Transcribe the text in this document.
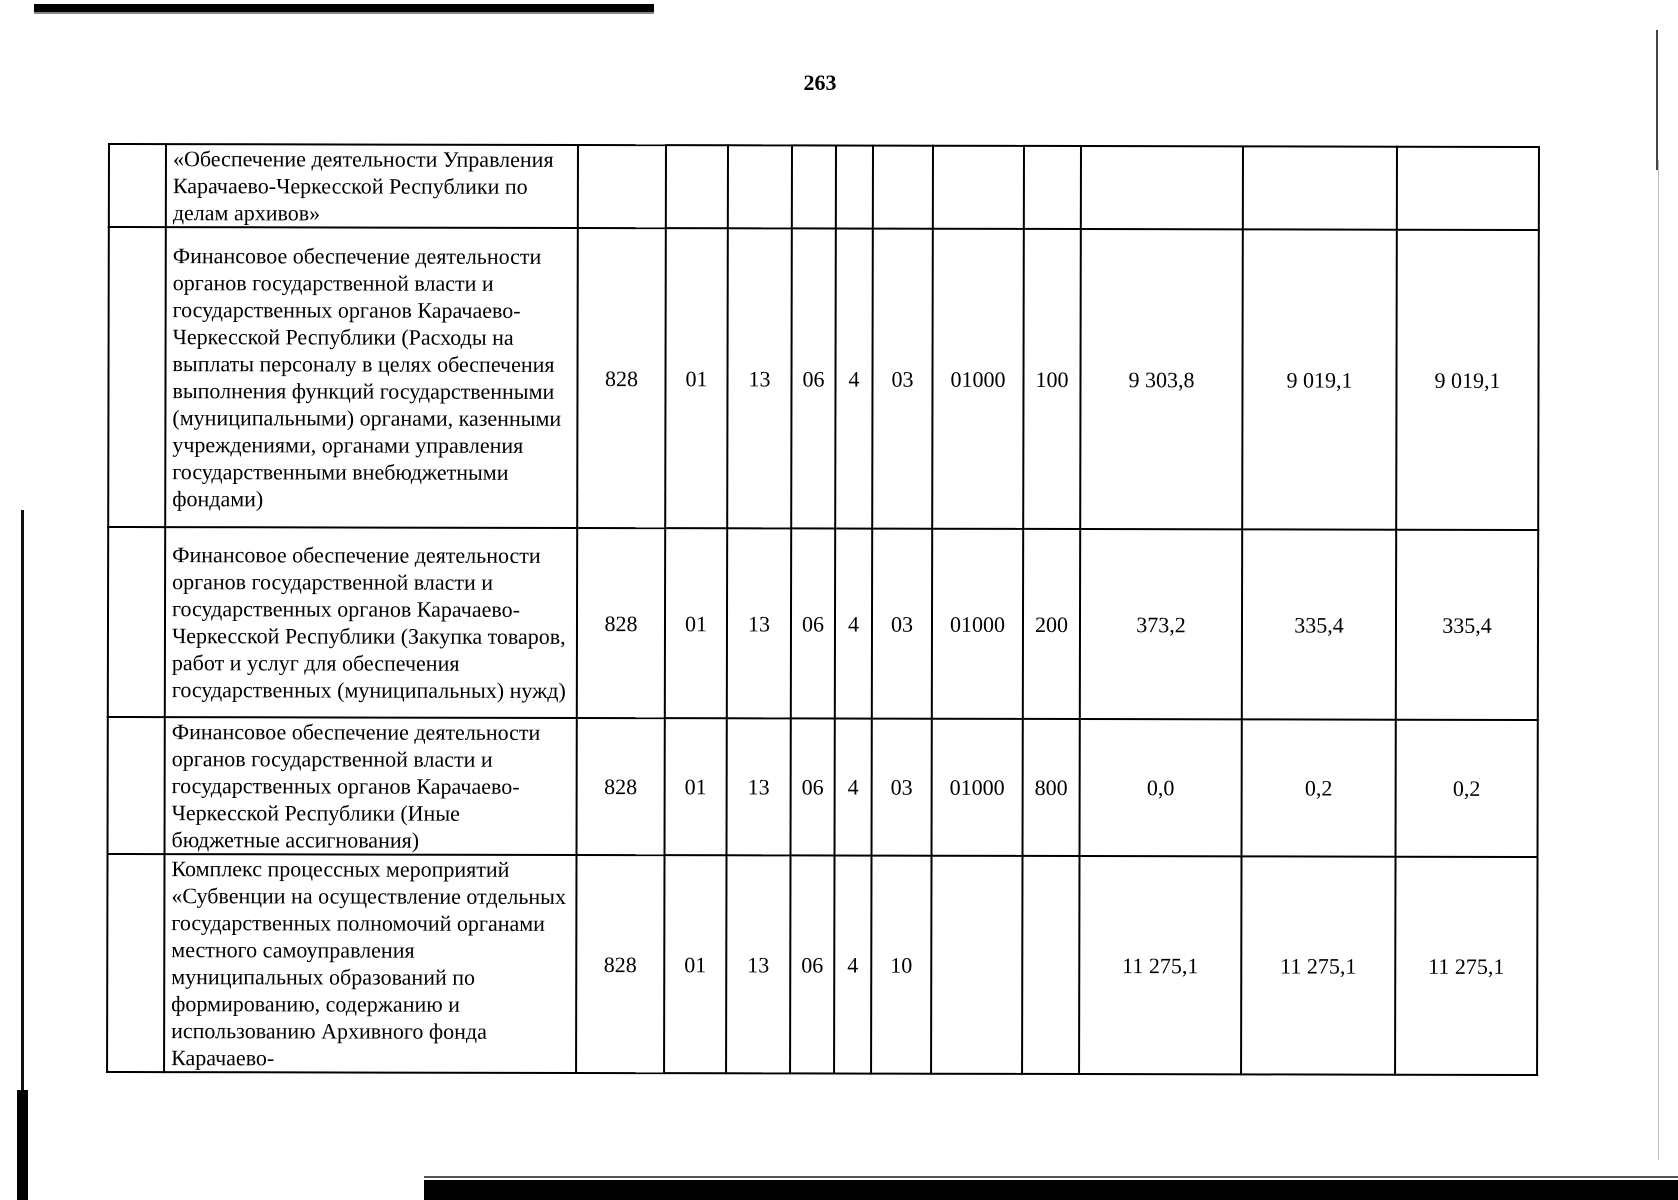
263
	«Обеспечение деятельности Управления Карачаево-Черкесской Республики по делам архивов»											
	Финансовое обеспечение деятельности органов государственной власти и государственных органов Карачаево-Черкесской Республики (Расходы на выплаты персоналу в целях обеспечения выполнения функций государственными (муниципальными) органами, казенными учреждениями, органами управления государственными внебюджетными фондами)	828	01	13	06	4	03	01000	100	9 303,8	9 019,1	9 019,1
	Финансовое обеспечение деятельности органов государственной власти и государственных органов Карачаево-Черкесской Республики (Закупка товаров, работ и услуг для обеспечения государственных (муниципальных) нужд)	828	01	13	06	4	03	01000	200	373,2	335,4	335,4
	Финансовое обеспечение деятельности органов государственной власти и государственных органов Карачаево-Черкесской Республики (Иные бюджетные ассигнования)	828	01	13	06	4	03	01000	800	0,0	0,2	0,2
	Комплекс процессных мероприятий «Субвенции на осуществление отдельных государственных полномочий органами местного самоуправления муниципальных образований по формированию, содержанию и использованию Архивного фонда Карачаево-	828	01	13	06	4	10			11 275,1	11 275,1	11 275,1
